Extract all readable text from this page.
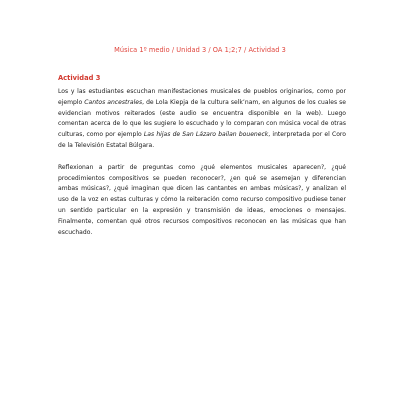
Música 1º medio / Unidad 3 / OA 1;2;7 / Actividad 3
Actividad 3

Los y las estudiantes escuchan manifestaciones musicales de pueblos originarios, como por ejemplo Cantos ancestrales, de Lola Kiepja de la cultura selk’nam, en algunos de los cuales se evidencian motivos reiterados (este audio se encuentra disponible en la web). Luego comentan acerca de lo que les sugiere lo escuchado y lo comparan con música vocal de otras culturas, como por ejemplo Las hijas de San Lázaro bailan boueneck, interpretada por el Coro de la Televisión Estatal Búlgara.

Reflexionan a partir de preguntas como ¿qué elementos musicales aparecen?, ¿qué procedimientos compositivos se pueden reconocer?, ¿en qué se asemejan y diferencian ambas músicas?, ¿qué imaginan que dicen las cantantes en ambas músicas?, y analizan el uso de la voz en estas culturas y cómo la reiteración como recurso compositivo pudiese tener un sentido particular en la expresión y transmisión de ideas, emociones o mensajes. Finalmente, comentan qué otros recursos compositivos reconocen en las músicas que han escuchado.
